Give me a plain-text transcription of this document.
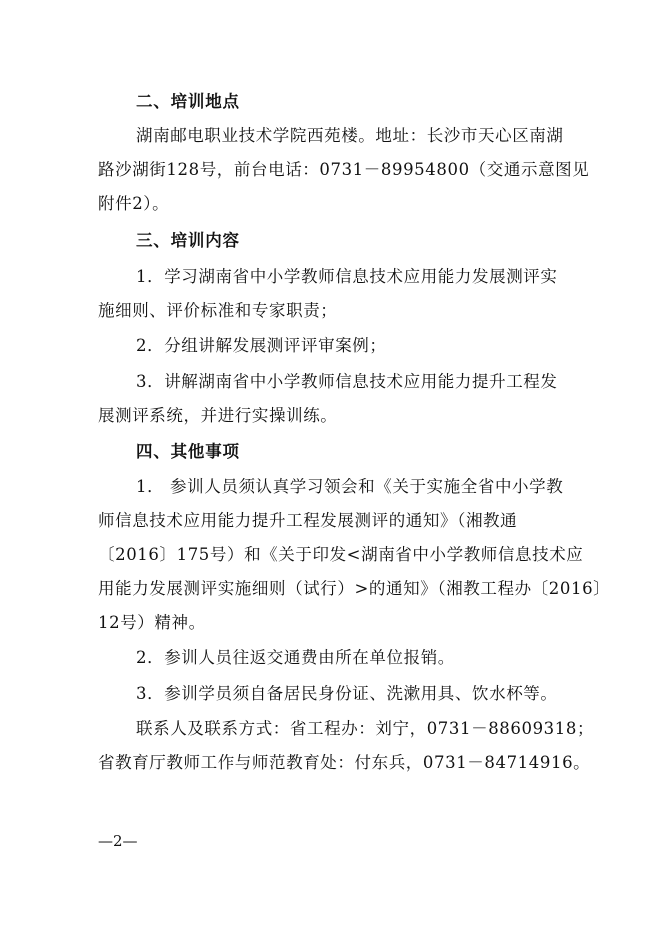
二、培训地点
湖南邮电职业技术学院西苑楼。地址：长沙市天心区南湖
路沙湖街128号，前台电话：0731－89954800（交通示意图见
附件2）。
三、培训内容
1．学习湖南省中小学教师信息技术应用能力发展测评实
施细则、评价标准和专家职责；
2．分组讲解发展测评评审案例；
3．讲解湖南省中小学教师信息技术应用能力提升工程发
展测评系统，并进行实操训练。
四、其他事项
1． 参训人员须认真学习领会和《关于实施全省中小学教
师信息技术应用能力提升工程发展测评的通知》（湘教通
〔2016〕175号）和《关于印发<湖南省中小学教师信息技术应
用能力发展测评实施细则（试行）>的通知》（湘教工程办〔2016〕
12号）精神。
2．参训人员往返交通费由所在单位报销。
3．参训学员须自备居民身份证、洗漱用具、饮水杯等。
联系人及联系方式：省工程办：刘宁，0731－88609318；
省教育厅教师工作与师范教育处：付东兵，0731－84714916。
—2—
